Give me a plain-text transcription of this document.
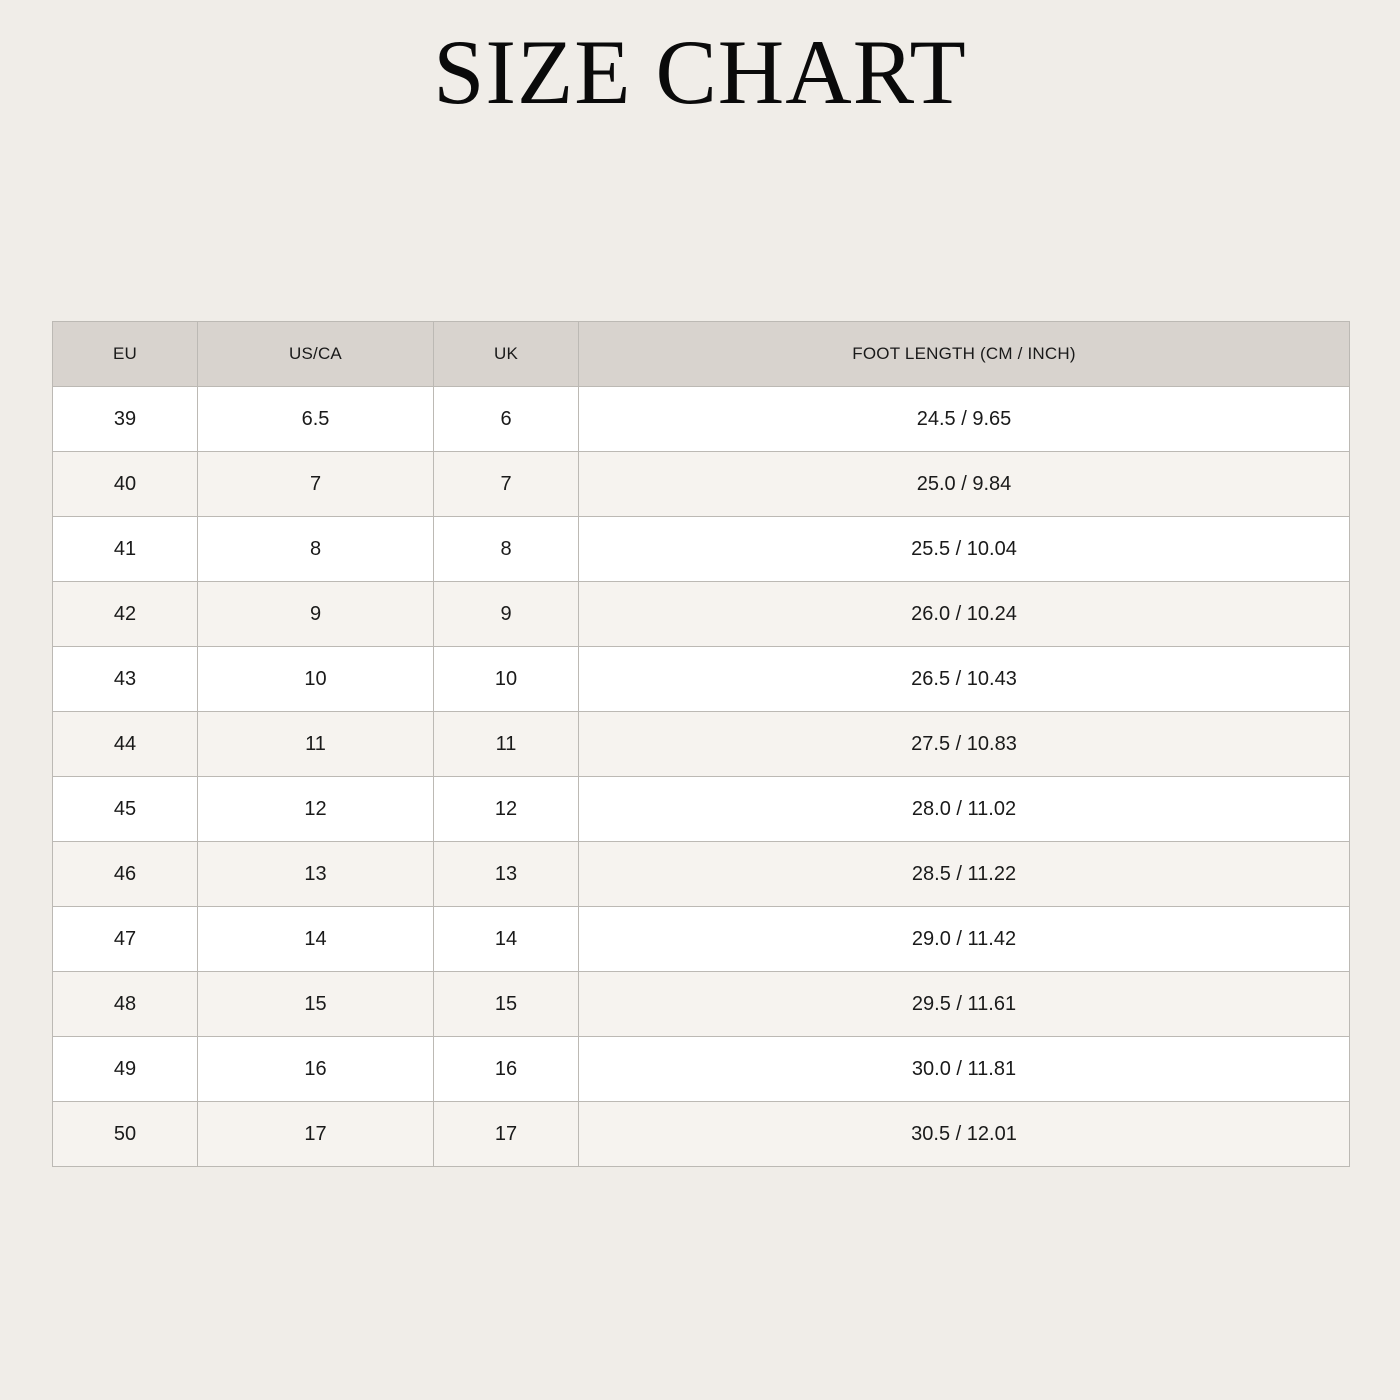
SIZE CHART
EU	US/CA	UK	FOOT LENGTH (CM / INCH)
39	6.5	6	24.5 / 9.65
40	7	7	25.0 / 9.84
41	8	8	25.5 / 10.04
42	9	9	26.0 / 10.24
43	10	10	26.5 / 10.43
44	11	11	27.5 / 10.83
45	12	12	28.0 / 11.02
46	13	13	28.5 / 11.22
47	14	14	29.0 / 11.42
48	15	15	29.5 / 11.61
49	16	16	30.0 / 11.81
50	17	17	30.5 / 12.01
